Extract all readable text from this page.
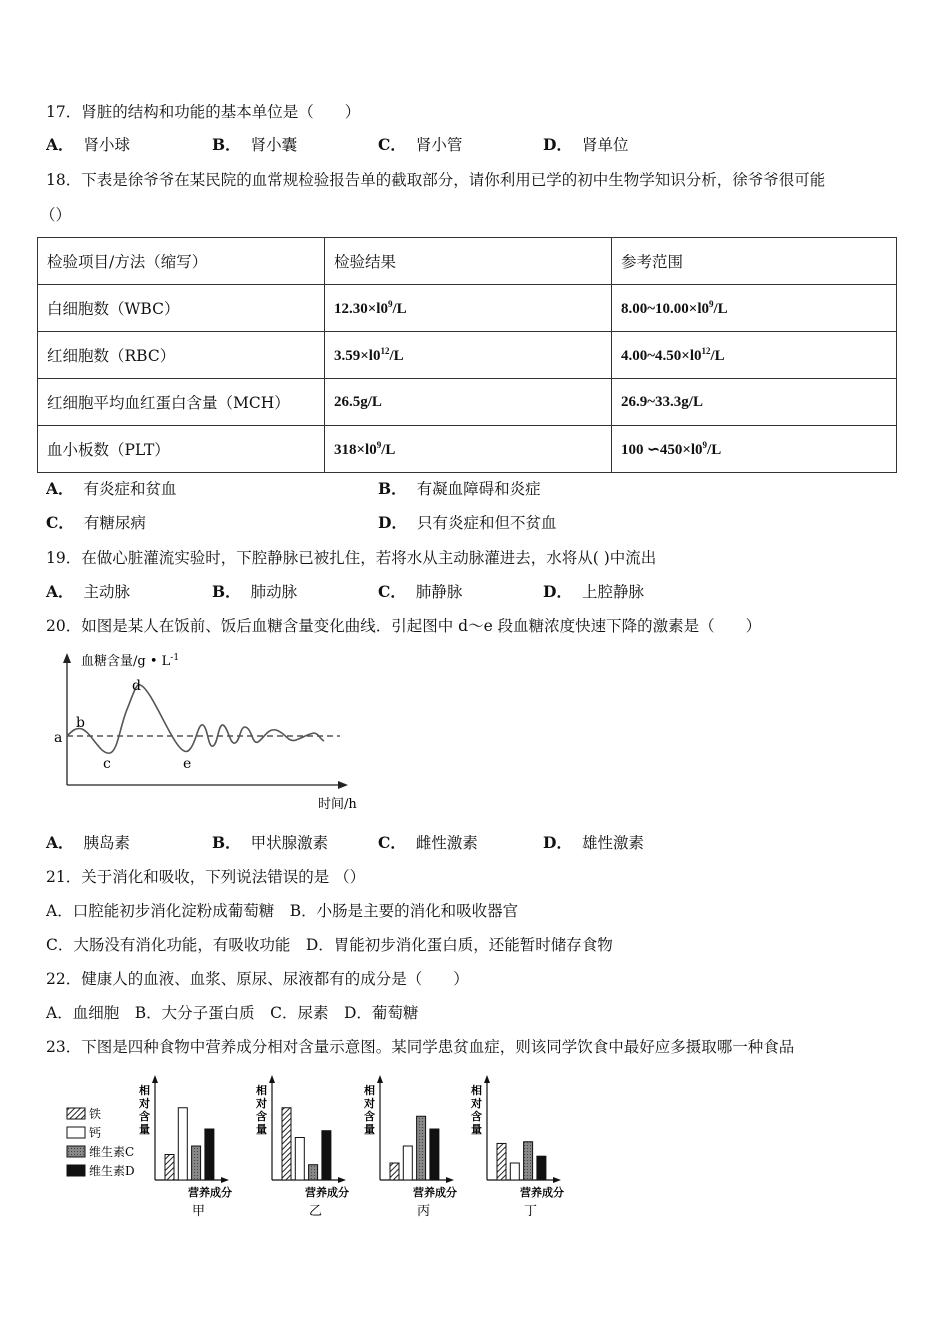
17．肾脏的结构和功能的基本单位是（　　）
A． 肾小球	B． 肾小囊	C． 肾小管	D． 肾单位
18．下表是徐爷爷在某民院的血常规检验报告单的截取部分，请你利用已学的初中生物学知识分析，徐爷爷很可能
（）
检验项目/方法（缩写）	检验结果	参考范围
白细胞数（WBC）	$12.30\times l0^9/L$	$8.00\sim 10.00\times l0^9/L$
红细胞数（RBC）	$3.59\times l0^{12}/L$	$4.00\sim 4.50\times l0^{12}/L$
红细胞平均血红蛋白含量（MCH）	26.5g/L	26.9~33.3g/L
血小板数（PLT）	$318\times l0^9/L$	100 $∽450\times l0^9/L$
A． 有炎症和贫血	B． 有凝血障碍和炎症
C． 有糖尿病	D． 只有炎症和但不贫血
19．在做心脏灌流实验时，下腔静脉已被扎住，若将水从主动脉灌进去，水将从( )中流出
A． 主动脉	B． 肺动脉	C． 肺静脉	D． 上腔静脉
20．如图是某人在饭前、饭后血糖含量变化曲线．引起图中 d～e 段血糖浓度快速下降的激素是（　　）
a
b
c
d
e
血糖含量/g • $L^{-1}$
时间/h
A． 胰岛素	B． 甲状腺激素	C． 雌性激素	D． 雄性激素
21．关于消化和吸收，下列说法错误的是 （）
A．口腔能初步消化淀粉成葡萄糖　B．小肠是主要的消化和吸收器官
C．大肠没有消化功能，有吸收功能　D．胃能初步消化蛋白质，还能暂时储存食物
22．健康人的血液、血浆、原尿、尿液都有的成分是（　　）
A．血细胞　B．大分子蛋白质　C．尿素　D．葡萄糖
23．下图是四种食物中营养成分相对含量示意图。某同学患贫血症，则该同学饮食中最好应多摄取哪一种食品
铁
钙
维生素C
维生素D
相
对
含
量
营养成分
甲
相
对
含
量
营养成分
乙
相
对
含
量
营养成分
丙
相
对
含
量
营养成分
丁
